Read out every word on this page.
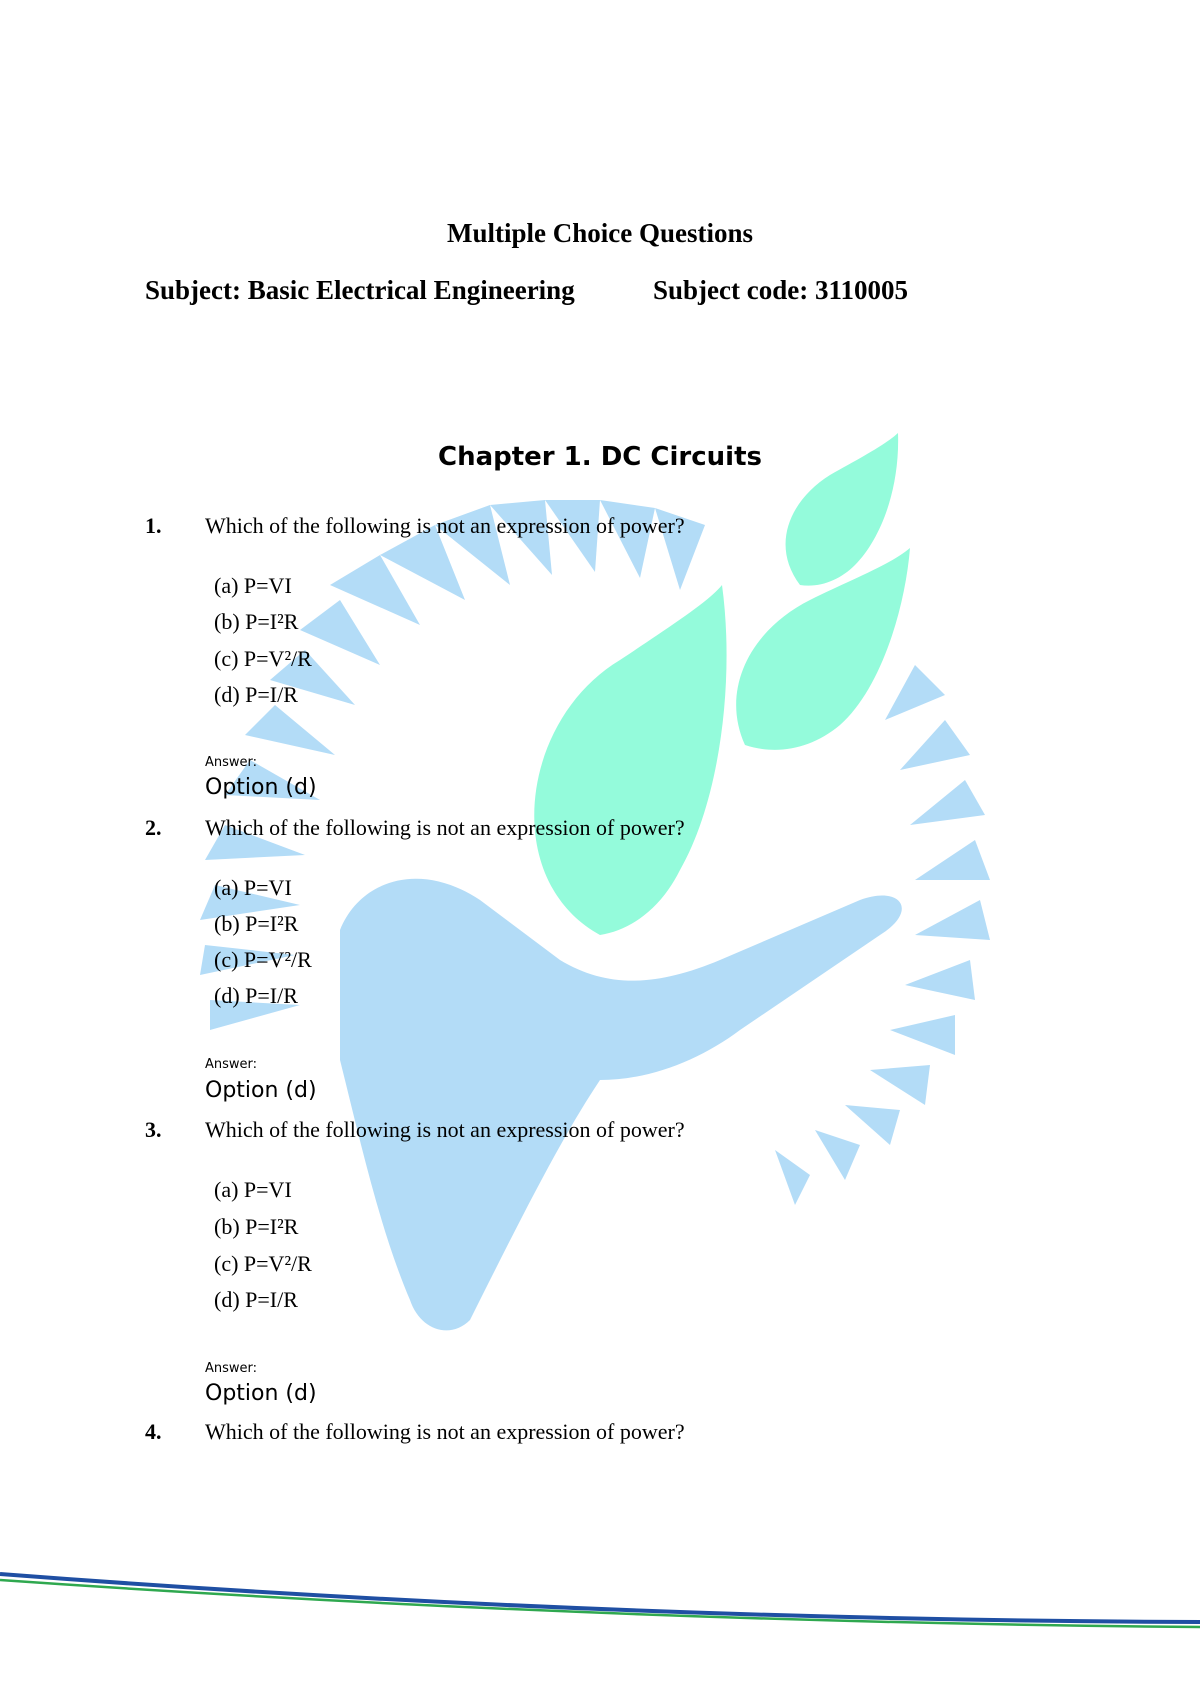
Multiple Choice Questions
Subject: Basic Electrical Engineering	Subject code: 3110005
Chapter 1. DC Circuits
1. Which of the following is not an expression of power?
(a) P=VI
(b) P=I²R
(c) P=V²/R
(d) P=I/R
Answer:
Option (d)
2. Which of the following is not an expression of power?
(a) P=VI
(b) P=I²R
(c) P=V²/R
(d) P=I/R
Answer:
Option (d)
3. Which of the following is not an expression of power?
(a) P=VI
(b) P=I²R
(c) P=V²/R
(d) P=I/R
Answer:
Option (d)
4. Which of the following is not an expression of power?
